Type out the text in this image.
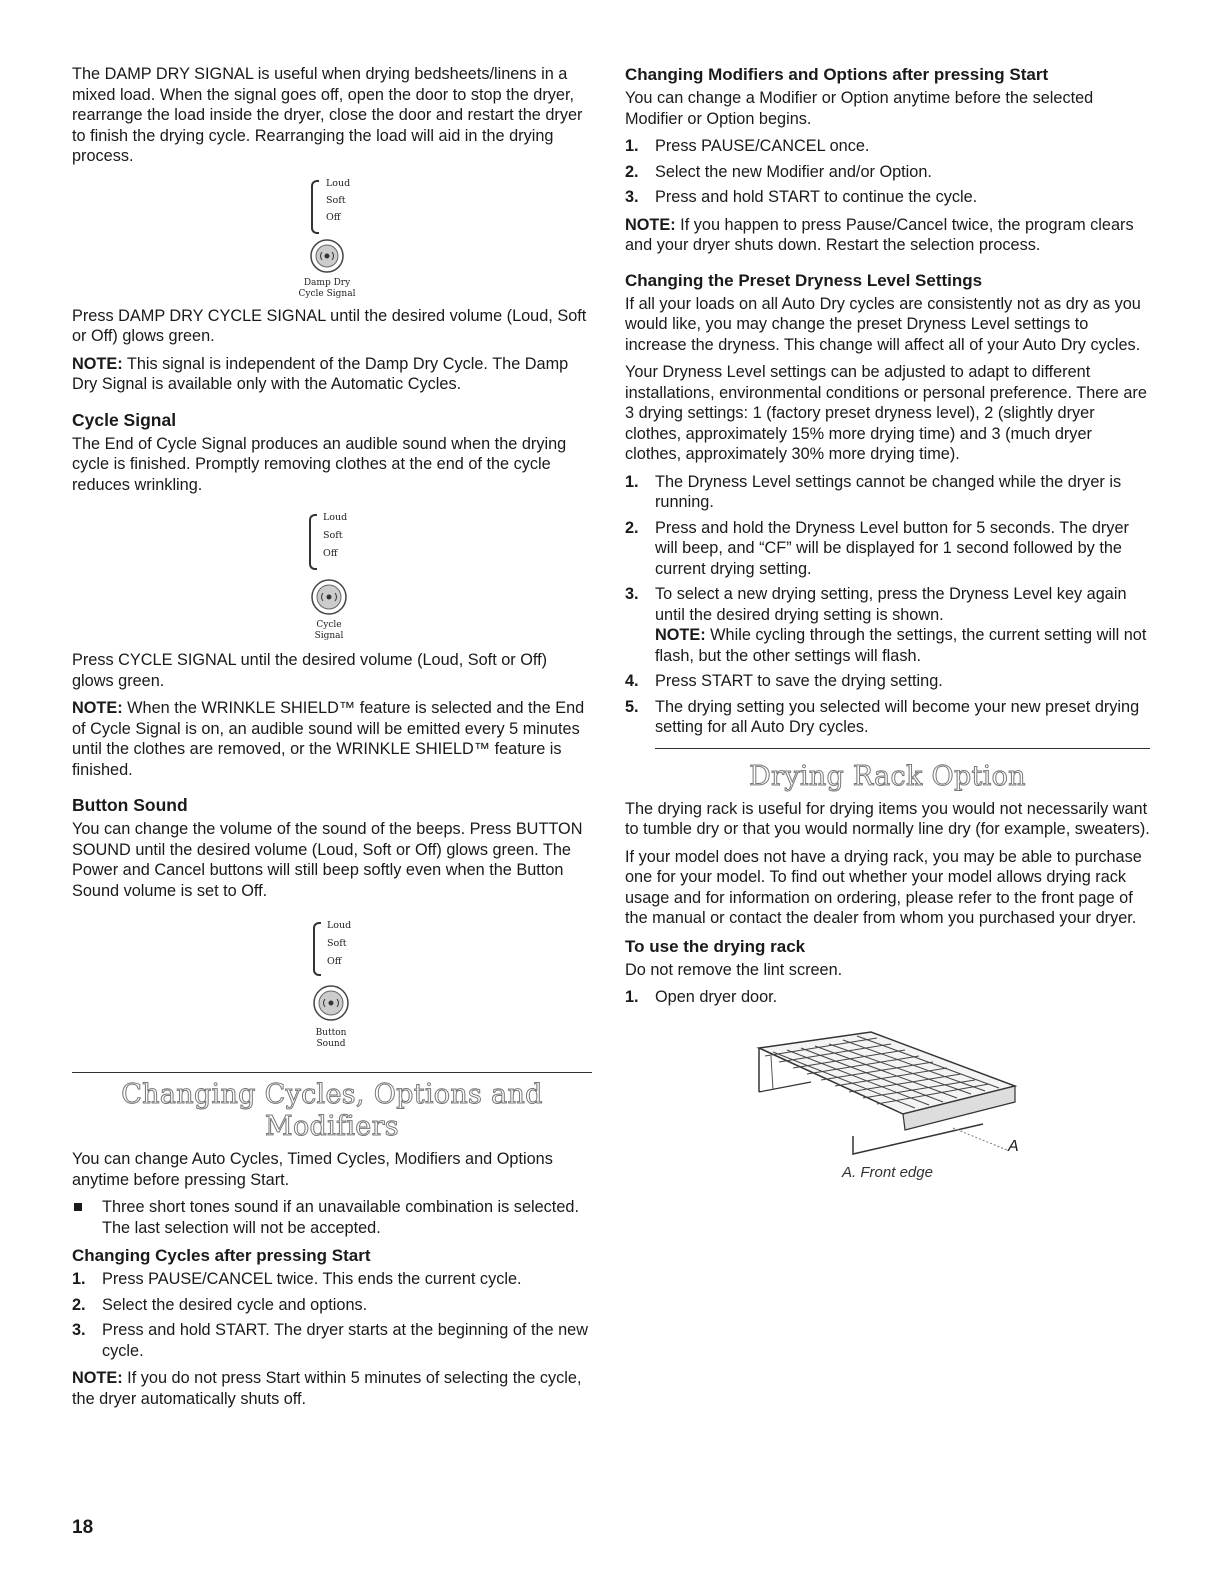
The DAMP DRY SIGNAL is useful when drying bedsheets/linens in a mixed load. When the signal goes off, open the door to stop the dryer, rearrange the load inside the dryer, close the door and restart the dryer to finish the drying cycle. Rearranging the load will aid in the drying process.

Loud
Soft
Off
Damp Dry
Cycle Signal

Press DAMP DRY CYCLE SIGNAL until the desired volume (Loud, Soft or Off) glows green.

NOTE: This signal is independent of the Damp Dry Cycle. The Damp Dry Signal is available only with the Automatic Cycles.

Cycle Signal

The End of Cycle Signal produces an audible sound when the drying cycle is finished. Promptly removing clothes at the end of the cycle reduces wrinkling.

Loud
Soft
Off
Cycle
Signal

Press CYCLE SIGNAL until the desired volume (Loud, Soft or Off) glows green.

NOTE: When the WRINKLE SHIELD™ feature is selected and the End of Cycle Signal is on, an audible sound will be emitted every 5 minutes until the clothes are removed, or the WRINKLE SHIELD™ feature is finished.

Button Sound

You can change the volume of the sound of the beeps. Press BUTTON SOUND until the desired volume (Loud, Soft or Off) glows green. The Power and Cancel buttons will still beep softly even when the Button Sound volume is set to Off.

Loud
Soft
Off
Button
Sound
Changing Cycles, Options and Modifiers

You can change Auto Cycles, Timed Cycles, Modifiers and Options anytime before pressing Start.

Three short tones sound if an unavailable combination is selected. The last selection will not be accepted.
Changing Cycles after pressing Start
1. Press PAUSE/CANCEL twice. This ends the current cycle.
2. Select the desired cycle and options.
3. Press and hold START. The dryer starts at the beginning of the new cycle.

NOTE: If you do not press Start within 5 minutes of selecting the cycle, the dryer automatically shuts off.

Changing Modifiers and Options after pressing Start

You can change a Modifier or Option anytime before the selected Modifier or Option begins.

1. Press PAUSE/CANCEL once.
2. Select the new Modifier and/or Option.
3. Press and hold START to continue the cycle.

NOTE: If you happen to press Pause/Cancel twice, the program clears and your dryer shuts down. Restart the selection process.

Changing the Preset Dryness Level Settings

If all your loads on all Auto Dry cycles are consistently not as dry as you would like, you may change the preset Dryness Level settings to increase the dryness. This change will affect all of your Auto Dry cycles.

Your Dryness Level settings can be adjusted to adapt to different installations, environmental conditions or personal preference. There are 3 drying settings: 1 (factory preset dryness level), 2 (slightly dryer clothes, approximately 15% more drying time) and 3 (much dryer clothes, approximately 30% more drying time).

1. The Dryness Level settings cannot be changed while the dryer is running.
2. Press and hold the Dryness Level button for 5 seconds. The dryer will beep, and “CF” will be displayed for 1 second followed by the current drying setting.
3. To select a new drying setting, press the Dryness Level key again until the desired drying setting is shown.
NOTE: While cycling through the settings, the current setting will not flash, but the other settings will flash.
4. Press START to save the drying setting.
5. The drying setting you selected will become your new preset drying setting for all Auto Dry cycles.
Drying Rack Option

The drying rack is useful for drying items you would not necessarily want to tumble dry or that you would normally line dry (for example, sweaters).

If your model does not have a drying rack, you may be able to purchase one for your model. To find out whether your model allows drying rack usage and for information on ordering, please refer to the front page of the manual or contact the dealer from whom you purchased your dryer.

To use the drying rack

Do not remove the lint screen.

1. Open dryer door.
A
A. Front edge
18
